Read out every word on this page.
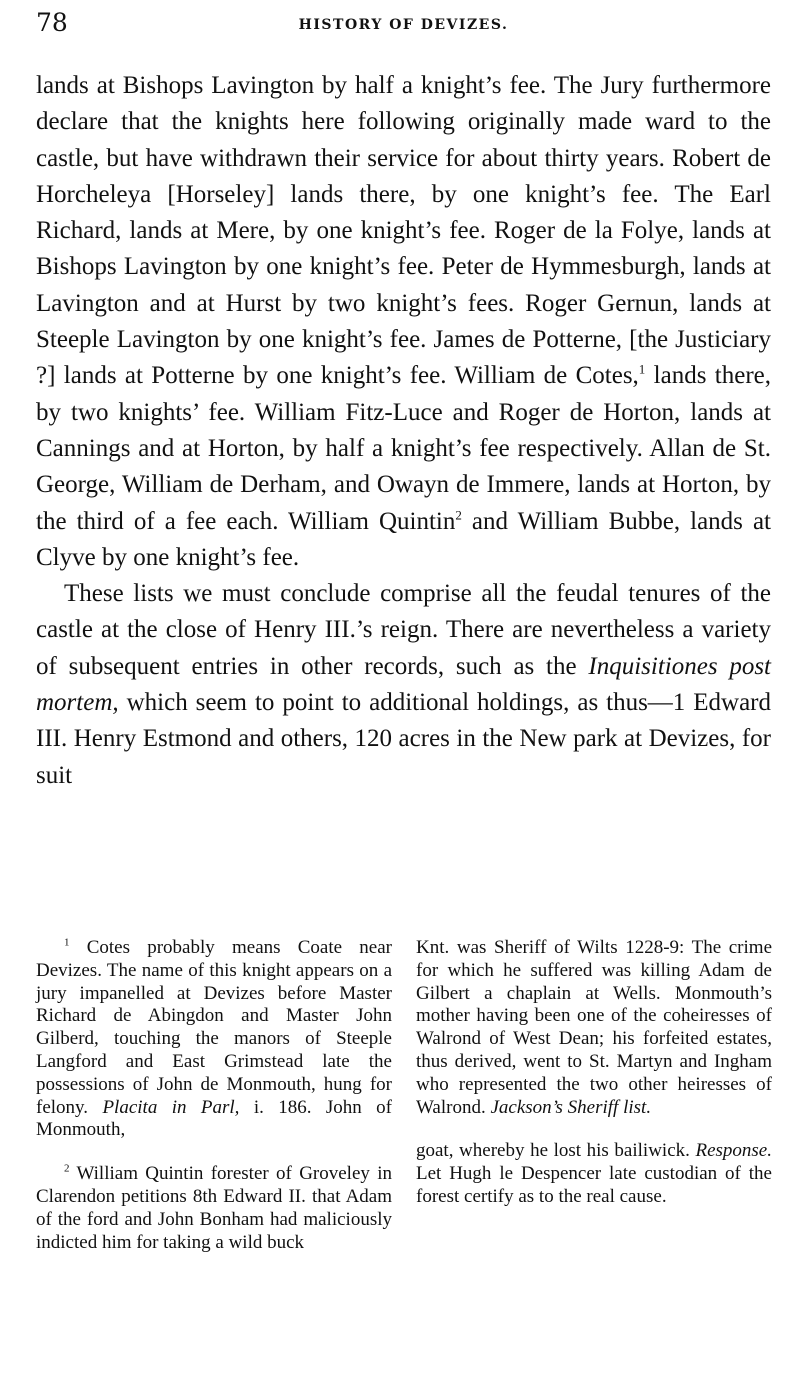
78	HISTORY OF DEVIZES.

lands at Bishops Lavington by half a knight’s fee. The Jury furthermore declare that the knights here following originally made ward to the castle, but have withdrawn their service for about thirty years. Robert de Horcheleya [Horseley] lands there, by one knight’s fee. The Earl Richard, lands at Mere, by one knight’s fee. Roger de la Folye, lands at Bishops Lavington by one knight’s fee. Peter de Hymmesburgh, lands at Lavington and at Hurst by two knight’s fees. Roger Gernun, lands at Steeple Lavington by one knight’s fee. James de Potterne, [the Justiciary ?] lands at Potterne by one knight’s fee. William de Cotes,$^1$ lands there, by two knights’ fee. William Fitz-Luce and Roger de Horton, lands at Cannings and at Horton, by half a knight’s fee respectively. Allan de St. George, William de Derham, and Owayn de Immere, lands at Horton, by the third of a fee each. William Quintin$^2$ and William Bubbe, lands at Clyve by one knight’s fee.

These lists we must conclude comprise all the feudal tenures of the castle at the close of Henry III.’s reign. There are nevertheless a variety of subsequent entries in other records, such as the Inquisitiones post mortem, which seem to point to additional holdings, as thus—1 Edward III. Henry Estmond and others, 120 acres in the New park at Devizes, for suit

$^1$ Cotes probably means Coate near Devizes. The name of this knight appears on a jury impanelled at Devizes before Master Richard de Abingdon and Master John Gilberd, touching the manors of Steeple Langford and East Grimstead late the possessions of John de Monmouth, hung for felony. Placita in Parl, i. 186. John of Monmouth,

$^2$ William Quintin forester of Groveley in Clarendon petitions 8th Edward II. that Adam of the ford and John Bonham had maliciously indicted him for taking a wild buck

Knt. was Sheriff of Wilts 1228-9: The crime for which he suffered was killing Adam de Gilbert a chaplain at Wells. Monmouth’s mother having been one of the coheiresses of Walrond of West Dean; his forfeited estates, thus derived, went to St. Martyn and Ingham who represented the two other heiresses of Walrond. Jackson’s Sheriff list.

goat, whereby he lost his bailiwick. Response. Let Hugh le Despencer late custodian of the forest certify as to the real cause.
